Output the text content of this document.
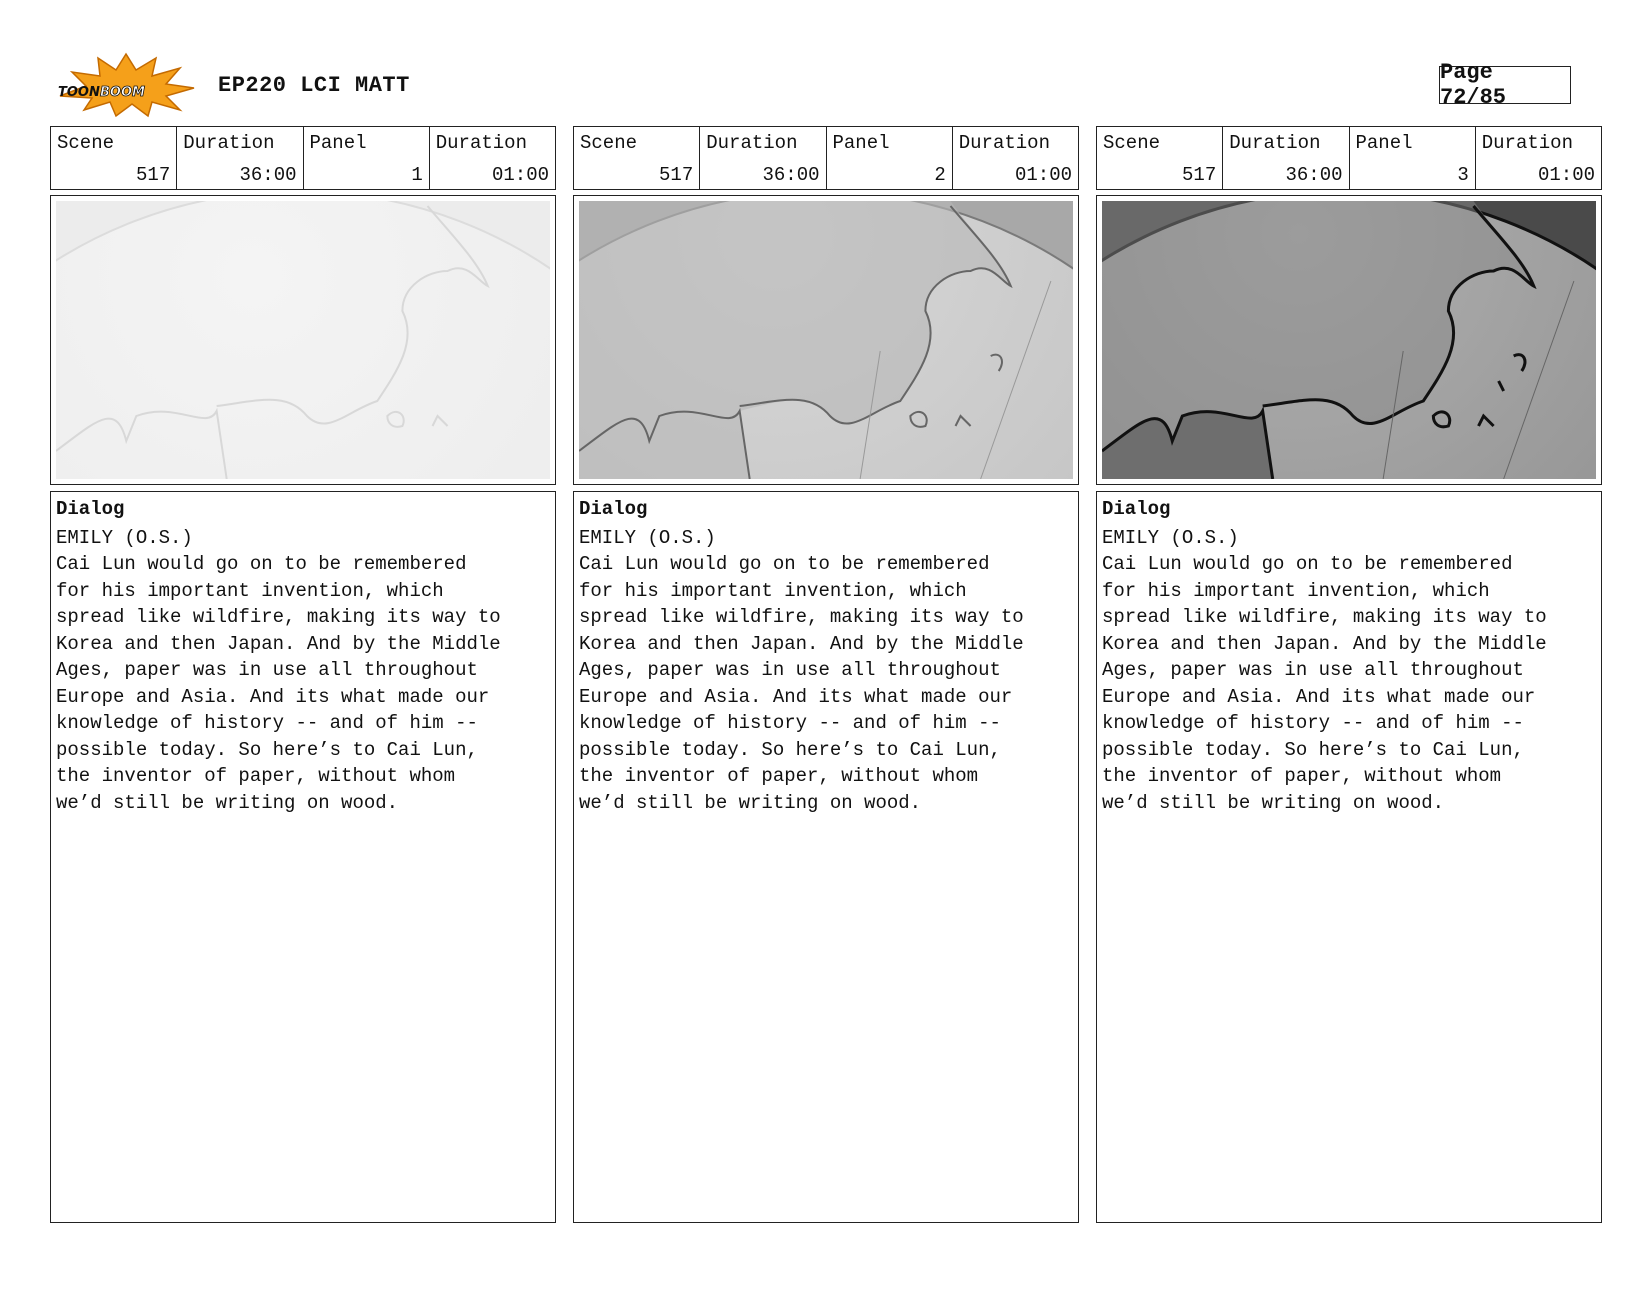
TOON BOOM	EP220 LCI MATT
Page 72/85
Scene
517
Duration
36:00
Panel
1
Duration
01:00
Dialog
EMILY (O.S.)
Cai Lun would go on to be remembered
for his important invention, which
spread like wildfire, making its way to
Korea and then Japan. And by the Middle
Ages, paper was in use all throughout
Europe and Asia. And its what made our
knowledge of history -- and of him --
possible today. So here’s to Cai Lun,
the inventor of paper, without whom
we’d still be writing on wood.
Scene
517
Duration
36:00
Panel
2
Duration
01:00
Dialog
EMILY (O.S.)
Cai Lun would go on to be remembered
for his important invention, which
spread like wildfire, making its way to
Korea and then Japan. And by the Middle
Ages, paper was in use all throughout
Europe and Asia. And its what made our
knowledge of history -- and of him --
possible today. So here’s to Cai Lun,
the inventor of paper, without whom
we’d still be writing on wood.
Scene
517
Duration
36:00
Panel
3
Duration
01:00
Dialog
EMILY (O.S.)
Cai Lun would go on to be remembered
for his important invention, which
spread like wildfire, making its way to
Korea and then Japan. And by the Middle
Ages, paper was in use all throughout
Europe and Asia. And its what made our
knowledge of history -- and of him --
possible today. So here’s to Cai Lun,
the inventor of paper, without whom
we’d still be writing on wood.
